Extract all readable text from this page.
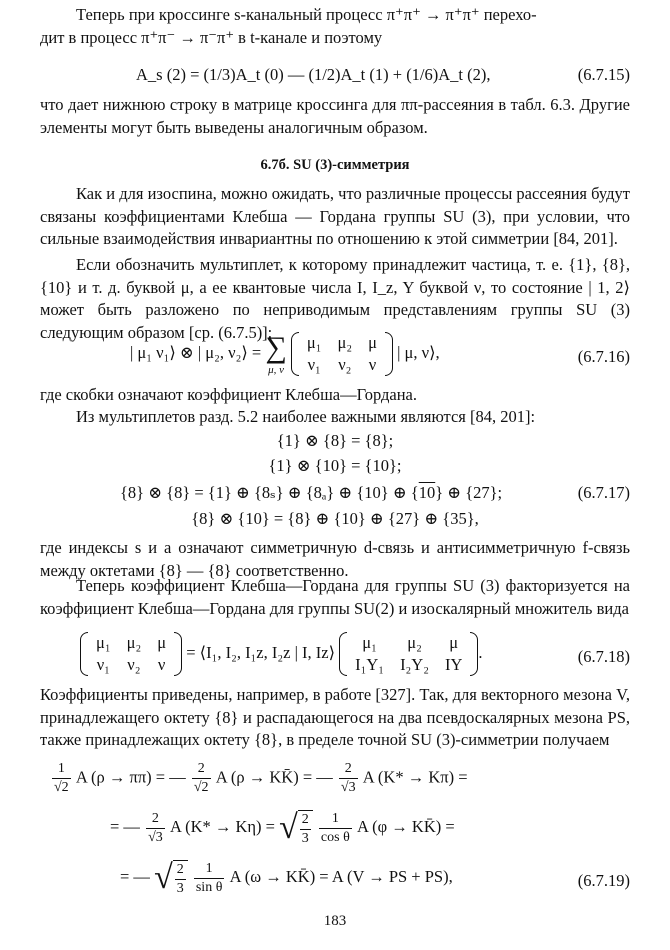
Теперь при кроссинге s-канальный процесс π⁺π⁺ → π⁺π⁺ перехо-
дит в процесс π⁺π⁻ → π⁻π⁺ в t-канале и поэтому
A_s (2) = (1/3)A_t (0) — (1/2)A_t (1) + (1/6)A_t (2),	(6.7.15)
что дает нижнюю строку в матрице кроссинга для ππ-рассеяния в табл. 6.3. Другие элементы могут быть выведены аналогичным образом.
6.7б. SU (3)-симметрия
Как и для изоспина, можно ожидать, что различные процессы рассеяния будут связаны коэффициентами Клебша — Гордана группы SU (3), при условии, что сильные взаимодействия инвариантны по отношению к этой симметрии [84, 201].
Если обозначить мультиплет, к которому принадлежит частица, т. е. {1}, {8}, {10} и т. д. буквой μ, а ее квантовые числа I, I_z, Y буквой ν, то состояние | 1, 2⟩ может быть разложено по неприводимым представлениям группы SU (3) следующим образом [ср. (6.7.5)]:
| μ₁ ν₁⟩ ⊗ | μ₂, ν₂⟩ = ∑
μ, ν

μ₁	μ₂	μ
ν₁	ν₂	ν
| μ, ν⟩,	(6.7.16)
где скобки означают коэффициент Клебша—Гордана.
Из мультиплетов разд. 5.2 наиболее важными являются [84, 201]:
{1} ⊗ {8} = {8};
{1} ⊗ {10} = {10};
{8} ⊗ {8} = {1} ⊕ {8ₛ} ⊕ {8ₐ} ⊕ {10} ⊕ {10} ⊕ {27};	(6.7.17)
{8} ⊗ {10} = {8} ⊕ {10} ⊕ {27} ⊕ {35},
где индексы s и a означают симметричную d-связь и антисимметричную f-связь между октетами {8} — {8} соответственно.
Теперь коэффициент Клебша—Гордана для группы SU (3) факторизуется на коэффициент Клебша—Гордана для группы SU(2) и изоскалярный множитель вида
μ₁	μ₂	μ
ν₁	ν₂	ν
= ⟨I₁, I₂, I₁z, I₂z | I, Iz⟩
μ₁	μ₂	μ
I₁Y₁	I₂Y₂	IY
.	(6.7.18)
Коэффициенты приведены, например, в работе [327]. Так, для векторного мезона V, принадлежащего октету {8} и распадающегося на два псевдоскалярных мезона PS, также принадлежащих октету {8}, в пределе точной SU (3)-симметрии получаем
$\frac{1}{√2}$ A (ρ → ππ) = — $\frac{2}{√2}$ A (ρ → KK̄) = — $\frac{2}{√3}$ A (K* → Kπ) =
= — $\frac{2}{√3}$ A (K* → Kη) = √ $\frac{2}{3}$
$\frac{1}{\text{cos θ}}$ A (φ → KK̄) =
= — √ $\frac{2}{3}$
$\frac{1}{\text{sin θ}}$ A (ω → KK̄) = A (V → PS + PS),	(6.7.19)
183
